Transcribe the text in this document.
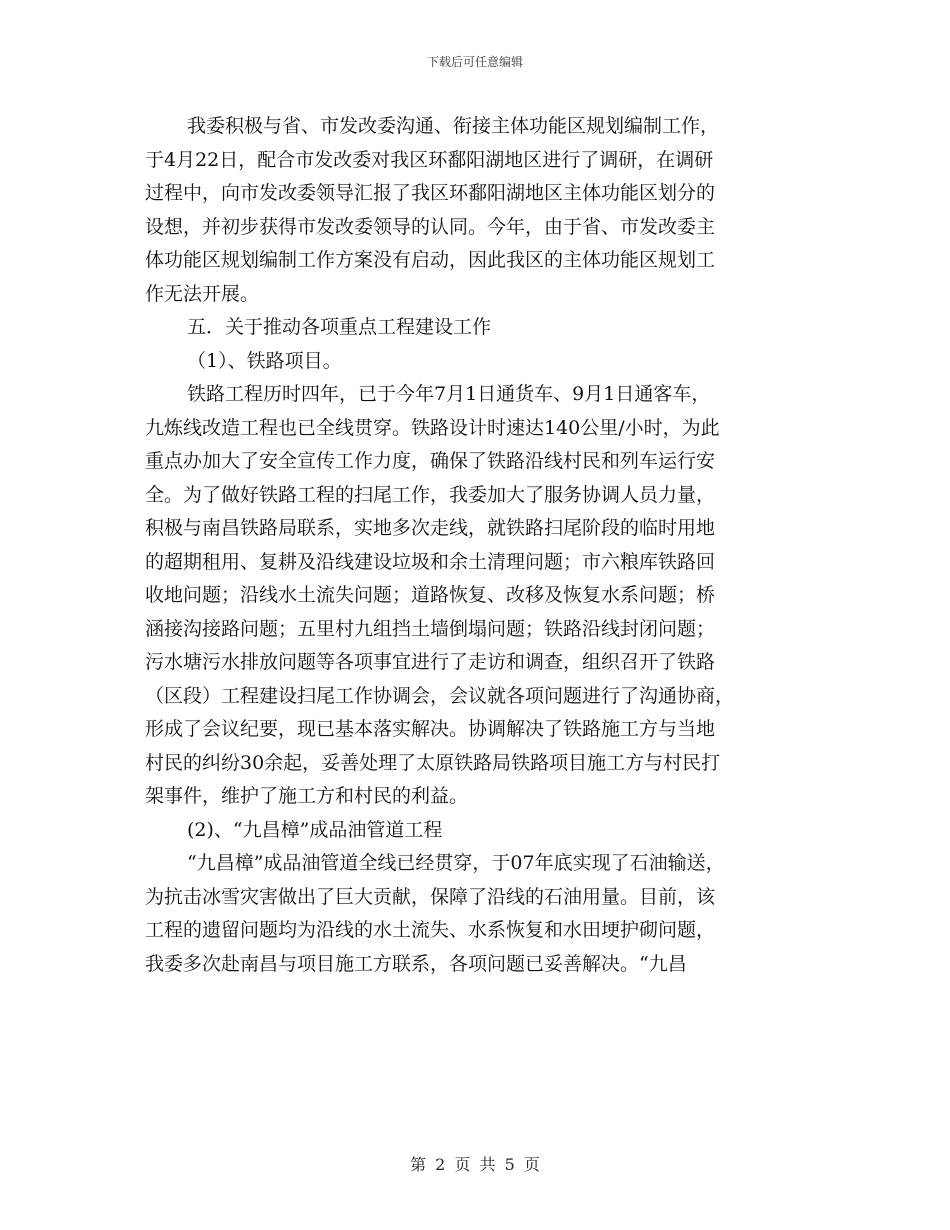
下载后可任意编辑
我委积极与省、市发改委沟通、衔接主体功能区规划编制工作，
于4月22日，配合市发改委对我区环鄱阳湖地区进行了调研，在调研
过程中，向市发改委领导汇报了我区环鄱阳湖地区主体功能区划分的
设想，并初步获得市发改委领导的认同。今年，由于省、市发改委主
体功能区规划编制工作方案没有启动，因此我区的主体功能区规划工
作无法开展。
五．关于推动各项重点工程建设工作
（1）、铁路项目。
铁路工程历时四年，已于今年7月1日通货车、9月1日通客车，
九炼线改造工程也已全线贯穿。铁路设计时速达140公里/小时，为此
重点办加大了安全宣传工作力度，确保了铁路沿线村民和列车运行安
全。为了做好铁路工程的扫尾工作，我委加大了服务协调人员力量，
积极与南昌铁路局联系，实地多次走线，就铁路扫尾阶段的临时用地
的超期租用、复耕及沿线建设垃圾和余土清理问题；市六粮库铁路回
收地问题；沿线水土流失问题；道路恢复、改移及恢复水系问题；桥
涵接沟接路问题；五里村九组挡土墙倒塌问题；铁路沿线封闭问题；
污水塘污水排放问题等各项事宜进行了走访和调查，组织召开了铁路
（区段）工程建设扫尾工作协调会，会议就各项问题进行了沟通协商，
形成了会议纪要，现已基本落实解决。协调解决了铁路施工方与当地
村民的纠纷30余起，妥善处理了太原铁路局铁路项目施工方与村民打
架事件，维护了施工方和村民的利益。
(2)、“九昌樟”成品油管道工程
“九昌樟”成品油管道全线已经贯穿，于07年底实现了石油输送，
为抗击冰雪灾害做出了巨大贡献，保障了沿线的石油用量。目前，该
工程的遗留问题均为沿线的水土流失、水系恢复和水田埂护砌问题，
我委多次赴南昌与项目施工方联系，各项问题已妥善解决。“九昌
第 2 页 共 5 页
